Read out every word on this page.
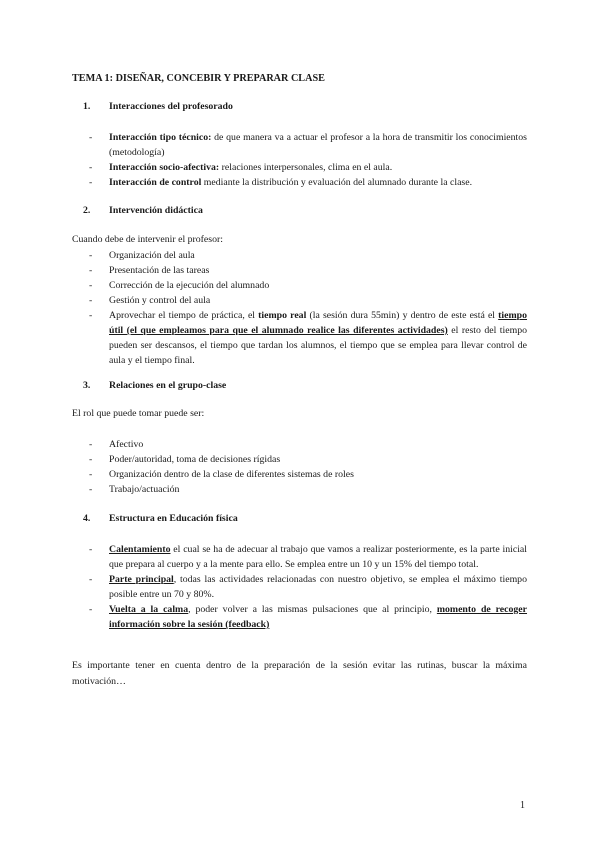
TEMA 1: DISEÑAR, CONCEBIR Y PREPARAR CLASE
1. Interacciones del profesorado
- Interacción tipo técnico: de que manera va a actuar el profesor a la hora de transmitir los conocimientos (metodología)
- Interacción socio-afectiva: relaciones interpersonales, clima en el aula.
- Interacción de control mediante la distribución y evaluación del alumnado durante la clase.
2. Intervención didáctica
Cuando debe de intervenir el profesor:
- Organización del aula
- Presentación de las tareas
- Corrección de la ejecución del alumnado
- Gestión y control del aula
- Aprovechar el tiempo de práctica, el tiempo real (la sesión dura 55min) y dentro de este está el tiempo útil (el que empleamos para que el alumnado realice las diferentes actividades) el resto del tiempo pueden ser descansos, el tiempo que tardan los alumnos, el tiempo que se emplea para llevar control de aula y el tiempo final.
3. Relaciones en el grupo-clase
El rol que puede tomar puede ser:
- Afectivo
- Poder/autoridad, toma de decisiones rígidas
- Organización dentro de la clase de diferentes sistemas de roles
- Trabajo/actuación
4. Estructura en Educación física
- Calentamiento el cual se ha de adecuar al trabajo que vamos a realizar posteriormente, es la parte inicial que prepara al cuerpo y a la mente para ello. Se emplea entre un 10 y un 15% del tiempo total.
- Parte principal, todas las actividades relacionadas con nuestro objetivo, se emplea el máximo tiempo posible entre un 70 y 80%.
- Vuelta a la calma, poder volver a las mismas pulsaciones que al principio, momento de recoger información sobre la sesión (feedback)
Es importante tener en cuenta dentro de la preparación de la sesión evitar las rutinas, buscar la máxima motivación…
1
